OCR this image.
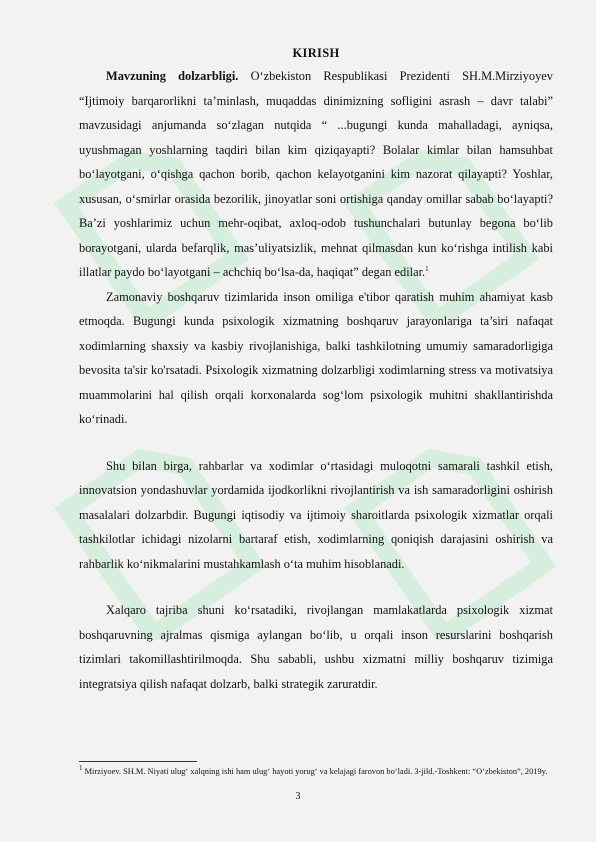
KIRISH

Mavzuning dolzarbligi. O‘zbekiston Respublikasi Prezidenti SH.M.Mirziyoyev “Ijtimoiy barqarorlikni ta’minlash, muqaddas dinimizning sofligini asrash – davr talabi” mavzusidagi anjumanda so‘zlagan nutqida “ ...bugungi kunda mahalladagi, ayniqsa, uyushmagan yoshlarning taqdiri bilan kim qiziqayapti? Bolalar kimlar bilan hamsuhbat bo‘layotgani, o‘qishga qachon borib, qachon kelayotganini kim nazorat qilayapti? Yoshlar, xususan, o‘smirlar orasida bezorilik, jinoyatlar soni ortishiga qanday omillar sabab bo‘layapti? Ba’zi yoshlarimiz uchun mehr-oqibat, axloq-odob tushunchalari butunlay begona bo‘lib borayotgani, ularda befarqlik, mas’uliyatsizlik, mehnat qilmasdan kun ko‘rishga intilish kabi illatlar paydo bo‘layotgani – achchiq bo‘lsa-da, haqiqat” degan edilar.$^1$

Zamonaviy boshqaruv tizimlarida inson omiliga e'tibor qaratish muhim ahamiyat kasb etmoqda. Bugungi kunda psixologik xizmatning boshqaruv jarayonlariga ta’siri nafaqat xodimlarning shaxsiy va kasbiy rivojlanishiga, balki tashkilotning umumiy samaradorligiga bevosita ta'sir ko'rsatadi. Psixologik xizmatning dolzarbligi xodimlarning stress va motivatsiya muammolarini hal qilish orqali korxonalarda sog‘lom psixologik muhitni shakllantirishda ko‘rinadi.

Shu bilan birga, rahbarlar va xodimlar o‘rtasidagi muloqotni samarali tashkil etish, innovatsion yondashuvlar yordamida ijodkorlikni rivojlantirish va ish samaradorligini oshirish masalalari dolzarbdir. Bugungi iqtisodiy va ijtimoiy sharoitlarda psixologik xizmatlar orqali tashkilotlar ichidagi nizolarni bartaraf etish, xodimlarning qoniqish darajasini oshirish va rahbarlik ko‘nikmalarini mustahkamlash o‘ta muhim hisoblanadi.

Xalqaro tajriba shuni ko‘rsatadiki, rivojlangan mamlakatlarda psixologik xizmat boshqaruvning ajralmas qismiga aylangan bo‘lib, u orqali inson resurslarini boshqarish tizimlari takomillashtirilmoqda. Shu sababli, ushbu xizmatni milliy boshqaruv tizimiga integratsiya qilish nafaqat dolzarb, balki strategik zaruratdir.

$^1$ Mirziyoev. SH.M. Niyati ulug‘ xalqning ishi ham ulug‘ hayoti yorug‘ va kelajagi farovon bo‘ladi. 3-jild.-Toshkent: “O‘zbekiston”, 2019y.
3
